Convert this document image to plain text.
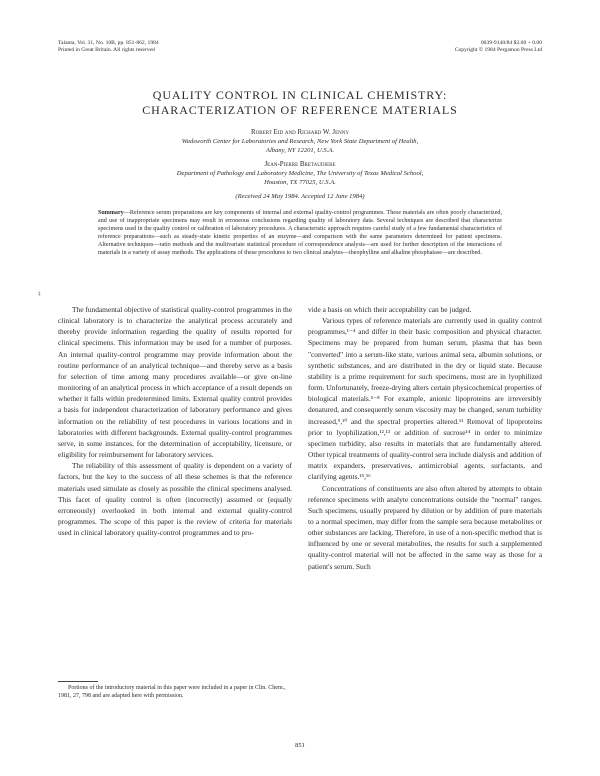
Talanta, Vol. 31, No. 10B, pp. 851-862, 1984
Printed in Great Britain. All rights reserved
0039-9140/84 $3.00 + 0.00
Copyright © 1984 Pergamon Press Ltd
QUALITY CONTROL IN CLINICAL CHEMISTRY:
CHARACTERIZATION OF REFERENCE MATERIALS
Robert Eid and Richard W. Jenny
Wadsworth Center for Laboratories and Research, New York State Department of Health,
Albany, NY 12201, U.S.A.
Jean-Pierre Bretaudiere
Department of Pathology and Laboratory Medicine, The University of Texas Medical School,
Houston, TX 77025, U.S.A.
(Received 24 May 1984. Accepted 12 June 1984)

Summary—Reference serum preparations are key components of internal and external quality-control programmes. These materials are often poorly characterized, and use of inappropriate specimens may result in erroneous conclusions regarding quality of laboratory data. Several techniques are described that characterize specimens used in the quality control or calibration of laboratory procedures. A characteristic approach requires careful study of a few fundamental characteristics of reference preparations—such as steady-state kinetic properties of an enzyme—and comparison with the same parameters determined for patient specimens. Alternative techniques—ratio methods and the multivariate statistical procedure of correspondence analysis—are used for further description of the interactions of materials in a variety of assay methods. The applications of these procedures to two clinical analytes—theophylline and alkaline phosphatase—are described.

‡

The fundamental objective of statistical quality-control programmes in the clinical laboratory is to characterize the analytical process accurately and thereby provide information regarding the quality of results reported for clinical specimens. This information may be used for a number of purposes. An internal quality-control programme may provide information about the routine performance of an analytical technique—and thereby serve as a basis for selection of time among many procedures available—or give on-line monitoring of an analytical process in which acceptance of a result depends on whether it falls within predetermined limits. External quality control provides a basis for independent characterization of laboratory performance and gives information on the reliability of test procedures in various locations and in laboratories with different backgrounds. External quality-control programmes serve, in some instances, for the determination of acceptability, licensure, or eligibility for reimbursement for laboratory services.

The reliability of this assessment of quality is dependent on a variety of factors, but the key to the success of all these schemes is that the reference materials used simulate as closely as possible the clinical specimens analysed. This facet of quality control is often (incorrectly) assumed or (equally erroneously) overlooked in both internal and external quality-control programmes. The scope of this paper is the review of criteria for materials used in clinical laboratory quality-control programmes and to pro-

vide a basis on which their acceptability can be judged.

Various types of reference materials are currently used in quality control programmes,¹⁻⁴ and differ in their basic composition and physical character. Specimens may be prepared from human serum, plasma that has been "converted" into a serum-like state, various animal sera, albumin solutions, or synthetic substances, and are distributed in the dry or liquid state. Because stability is a prime requirement for such specimens, most are in lyophilized form. Unfortunately, freeze-drying alters certain physicochemical properties of biological materials.⁵⁻⁸ For example, anionic lipoproteins are irreversibly denatured, and consequently serum viscosity may be changed, serum turbidity increased,⁹,¹⁰ and the spectral properties altered.¹¹ Removal of lipoproteins prior to lyophilization,¹²,¹³ or addition of sucrose¹⁴ in order to minimize specimen turbidity, also results in materials that are fundamentally altered. Other typical treatments of quality-control sera include dialysis and addition of matrix expanders, preservatives, antimicrobial agents, surfactants, and clarifying agents.¹⁵,¹⁶

Concentrations of constituents are also often altered by attempts to obtain reference specimens with analyte concentrations outside the "normal" ranges. Such specimens, usually prepared by dilution or by addition of pure materials to a normal specimen, may differ from the sample sera because metabolites or other substances are lacking. Therefore, in use of a non-specific method that is influenced by one or several metabolites, the results for such a supplemented quality-control material will not be affected in the same way as those for a patient's serum. Such

Portions of the introductory material in this paper were included in a paper in Clin. Chem., 1981, 27, 798 and are adapted here with permission.

851
